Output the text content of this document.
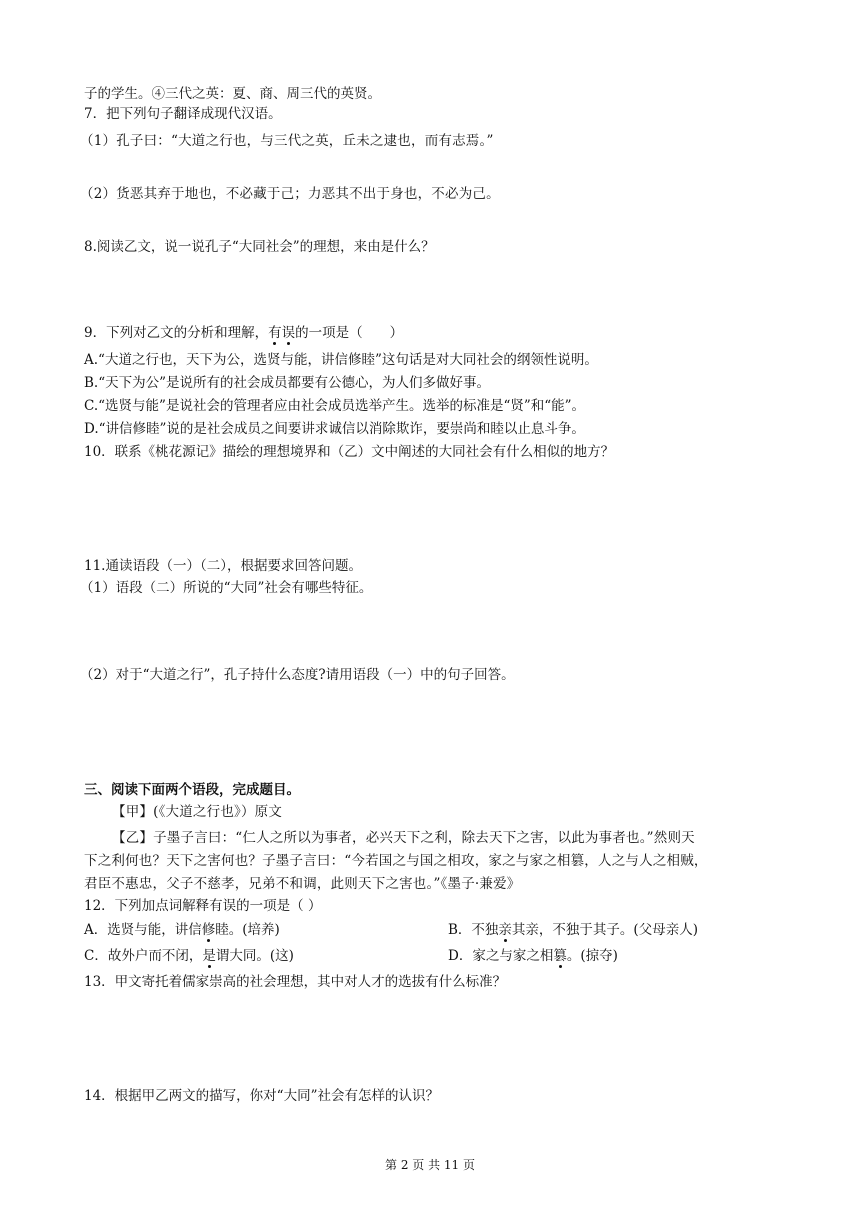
子的学生。④三代之英：夏、商、周三代的英贤。
7．把下列句子翻译成现代汉语。
（1）孔子曰：“大道之行也，与三代之英，丘未之逮也，而有志焉。”
（2）货恶其弃于地也，不必藏于己；力恶其不出于身也，不必为己。
8.阅读乙文，说一说孔子“大同社会”的理想，来由是什么？
9．下列对乙文的分析和理解，有误的一项是（　　）
A.“大道之行也，天下为公，选贤与能，讲信修睦”这句话是对大同社会的纲领性说明。
B.“天下为公”是说所有的社会成员都要有公德心，为人们多做好事。
C.“选贤与能”是说社会的管理者应由社会成员选举产生。选举的标准是“贤”和“能”。
D.“讲信修睦”说的是社会成员之间要讲求诚信以消除欺诈，要崇尚和睦以止息斗争。
10．联系《桃花源记》描绘的理想境界和（乙）文中阐述的大同社会有什么相似的地方？
11.通读语段（一）（二），根据要求回答问题。
（1）语段（二）所说的“大同”社会有哪些特征。
（2）对于“大道之行”，孔子持什么态度?请用语段（一）中的句子回答。
三、阅读下面两个语段，完成题目。
【甲】(《大道之行也》）原文
【乙】子墨子言曰：“仁人之所以为事者，必兴天下之利，除去天下之害，以此为事者也。”然则天
下之利何也？天下之害何也？子墨子言曰：“今若国之与国之相攻，家之与家之相篡，人之与人之相贼，
君臣不惠忠，父子不慈孝，兄弟不和调，此则天下之害也。”《墨子·兼爱》
12．下列加点词解释有误的一项是（ ）
A．选贤与能，讲信修睦。(培养)	B．不独亲其亲，不独于其子。(父母亲人)
C．故外户而不闭，是谓大同。(这)	D．家之与家之相篡。(掠夺)
13．甲文寄托着儒家崇高的社会理想，其中对人才的选拔有什么标准？
14．根据甲乙两文的描写，你对“大同”社会有怎样的认识？
第 2 页 共 11 页
